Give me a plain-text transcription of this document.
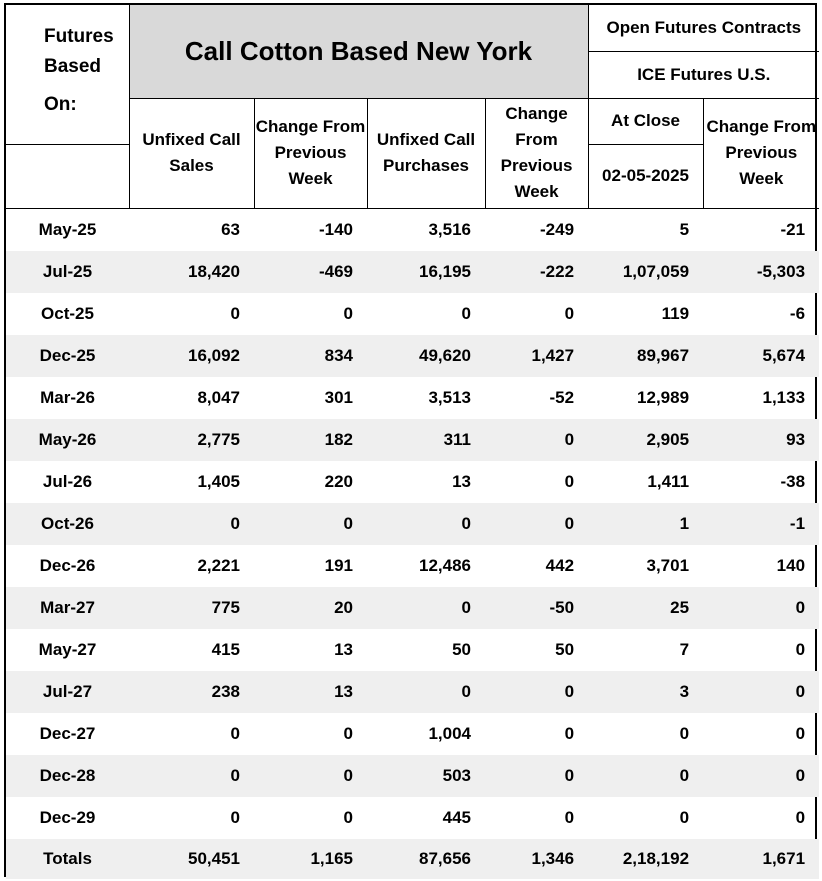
Futures
Based
On:	Call Cotton Based New York				Open Futures Contracts	
					ICE Futures U.S.	
	Unfixed Call Sales	Change From Previous Week	Unfixed Call Purchases	Change From Previous Week	At Close	Change From Previous Week
					02-05-2025	
May-25	63	-140	3,516	-249	5	-21
Jul-25	18,420	-469	16,195	-222	1,07,059	-5,303
Oct-25	0	0	0	0	119	-6
Dec-25	16,092	834	49,620	1,427	89,967	5,674
Mar-26	8,047	301	3,513	-52	12,989	1,133
May-26	2,775	182	311	0	2,905	93
Jul-26	1,405	220	13	0	1,411	-38
Oct-26	0	0	0	0	1	-1
Dec-26	2,221	191	12,486	442	3,701	140
Mar-27	775	20	0	-50	25	0
May-27	415	13	50	50	7	0
Jul-27	238	13	0	0	3	0
Dec-27	0	0	1,004	0	0	0
Dec-28	0	0	503	0	0	0
Dec-29	0	0	445	0	0	0
Totals	50,451	1,165	87,656	1,346	2,18,192	1,671
